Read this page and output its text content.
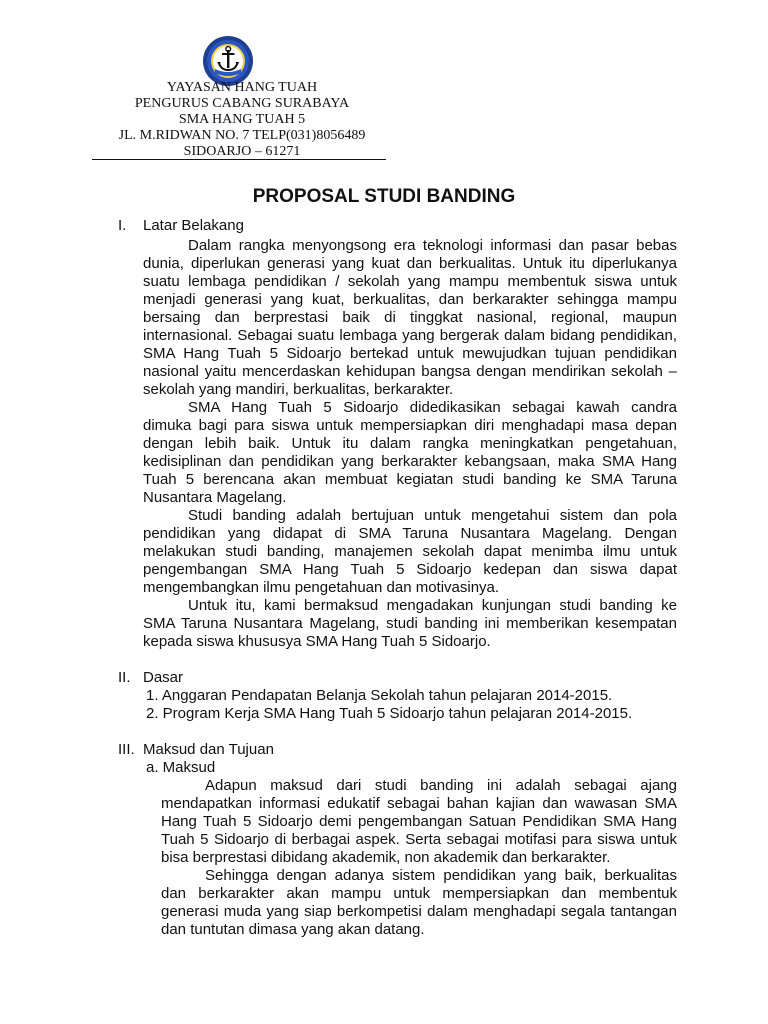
YAYASAN HANG TUAH
PENGURUS CABANG SURABAYA
SMA HANG TUAH 5
JL. M.RIDWAN NO. 7 TELP(031)8056489
SIDOARJO – 61271
PROPOSAL STUDI BANDING
I. Latar Belakang
Dalam rangka menyongsong era teknologi informasi dan pasar bebas
dunia, diperlukan generasi yang kuat dan berkualitas. Untuk itu diperlukanya
suatu lembaga pendidikan / sekolah yang mampu membentuk siswa untuk
menjadi generasi yang kuat, berkualitas, dan berkarakter sehingga mampu
bersaing dan berprestasi baik di tinggkat nasional, regional, maupun
internasional. Sebagai suatu lembaga yang bergerak dalam bidang pendidikan,
SMA Hang Tuah 5 Sidoarjo bertekad untuk mewujudkan tujuan pendidikan
nasional yaitu mencerdaskan kehidupan bangsa dengan mendirikan sekolah –
sekolah yang mandiri, berkualitas, berkarakter.
SMA Hang Tuah 5 Sidoarjo didedikasikan sebagai kawah candra
dimuka bagi para siswa untuk mempersiapkan diri menghadapi masa depan
dengan lebih baik. Untuk itu dalam rangka meningkatkan pengetahuan,
kedisiplinan dan pendidikan yang berkarakter kebangsaan, maka SMA Hang
Tuah 5 berencana akan membuat kegiatan studi banding ke SMA Taruna
Nusantara Magelang.
Studi banding adalah bertujuan untuk mengetahui sistem dan pola
pendidikan yang didapat di SMA Taruna Nusantara Magelang. Dengan
melakukan studi banding, manajemen sekolah dapat menimba ilmu untuk
pengembangan SMA Hang Tuah 5 Sidoarjo kedepan dan siswa dapat
mengembangkan ilmu pengetahuan dan motivasinya.
Untuk itu, kami bermaksud mengadakan kunjungan studi banding ke
SMA Taruna Nusantara Magelang, studi banding ini memberikan kesempatan
kepada siswa khususya SMA Hang Tuah 5 Sidoarjo.
II. Dasar
1. Anggaran Pendapatan Belanja Sekolah tahun pelajaran 2014-2015.
2. Program Kerja SMA Hang Tuah 5 Sidoarjo tahun pelajaran 2014-2015.
III. Maksud dan Tujuan
a. Maksud
Adapun maksud dari studi banding ini adalah sebagai ajang
mendapatkan informasi edukatif sebagai bahan kajian dan wawasan SMA
Hang Tuah 5 Sidoarjo demi pengembangan Satuan Pendidikan SMA Hang
Tuah 5 Sidoarjo di berbagai aspek. Serta sebagai motifasi para siswa untuk
bisa berprestasi dibidang akademik, non akademik dan berkarakter.
Sehingga dengan adanya sistem pendidikan yang baik, berkualitas
dan berkarakter akan mampu untuk mempersiapkan dan membentuk
generasi muda yang siap berkompetisi dalam menghadapi segala tantangan
dan tuntutan dimasa yang akan datang.
